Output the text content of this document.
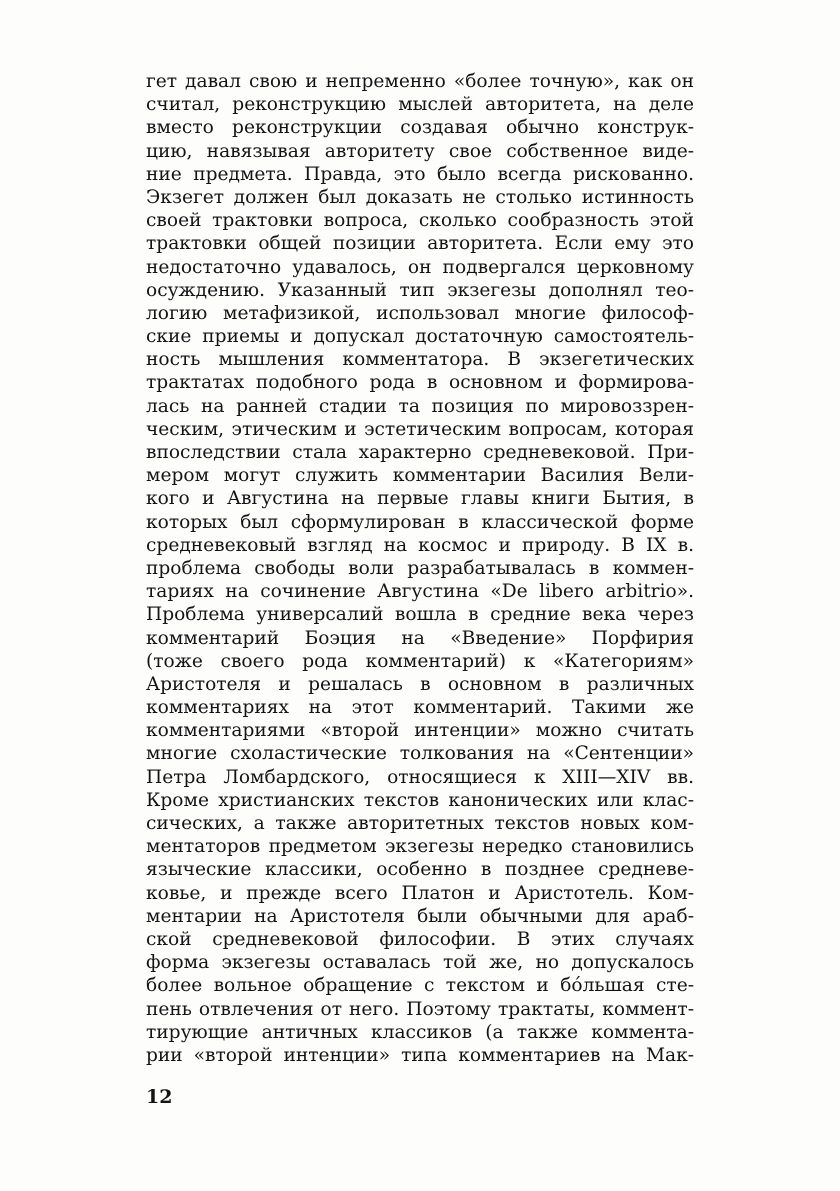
гет давал свою и непременно «более точную», как он
считал, реконструкцию мыслей авторитета, на деле
вместо реконструкции создавая обычно конструк-
цию, навязывая авторитету свое собственное виде-
ние предмета. Правда, это было всегда рискованно.
Экзегет должен был доказать не столько истинность
своей трактовки вопроса, сколько сообразность этой
трактовки общей позиции авторитета. Если ему это
недостаточно удавалось, он подвергался церковному
осуждению. Указанный тип экзегезы дополнял тео-
логию метафизикой, использовал многие философ-
ские приемы и допускал достаточную самостоятель-
ность мышления комментатора. В экзегетических
трактатах подобного рода в основном и формирова-
лась на ранней стадии та позиция по мировоззрен-
ческим, этическим и эстетическим вопросам, которая
впоследствии стала характерно средневековой. При-
мером могут служить комментарии Василия Вели-
кого и Августина на первые главы книги Бытия, в
которых был сформулирован в классической форме
средневековый взгляд на космос и природу. В IX в.
проблема свободы воли разрабатывалась в коммен-
тариях на сочинение Августина «De libero arbitrio».
Проблема универсалий вошла в средние века через
комментарий Боэция на «Введение» Порфирия
(тоже своего рода комментарий) к «Категориям»
Аристотеля и решалась в основном в различных
комментариях на этот комментарий. Такими же
комментариями «второй интенции» можно считать
многие схоластические толкования на «Сентенции»
Петра Ломбардского, относящиеся к XIII—XIV вв.
Кроме христианских текстов канонических или клас-
сических, а также авторитетных текстов новых ком-
ментаторов предметом экзегезы нередко становились
языческие классики, особенно в позднее средневе-
ковье, и прежде всего Платон и Аристотель. Ком-
ментарии на Аристотеля были обычными для араб-
ской средневековой философии. В этих случаях
форма экзегезы оставалась той же, но допускалось
более вольное обращение с текстом и бо́льшая сте-
пень отвлечения от него. Поэтому трактаты, коммент-
тирующие античных классиков (а также коммента-
рии «второй интенции» типа комментариев на Мак-
12
